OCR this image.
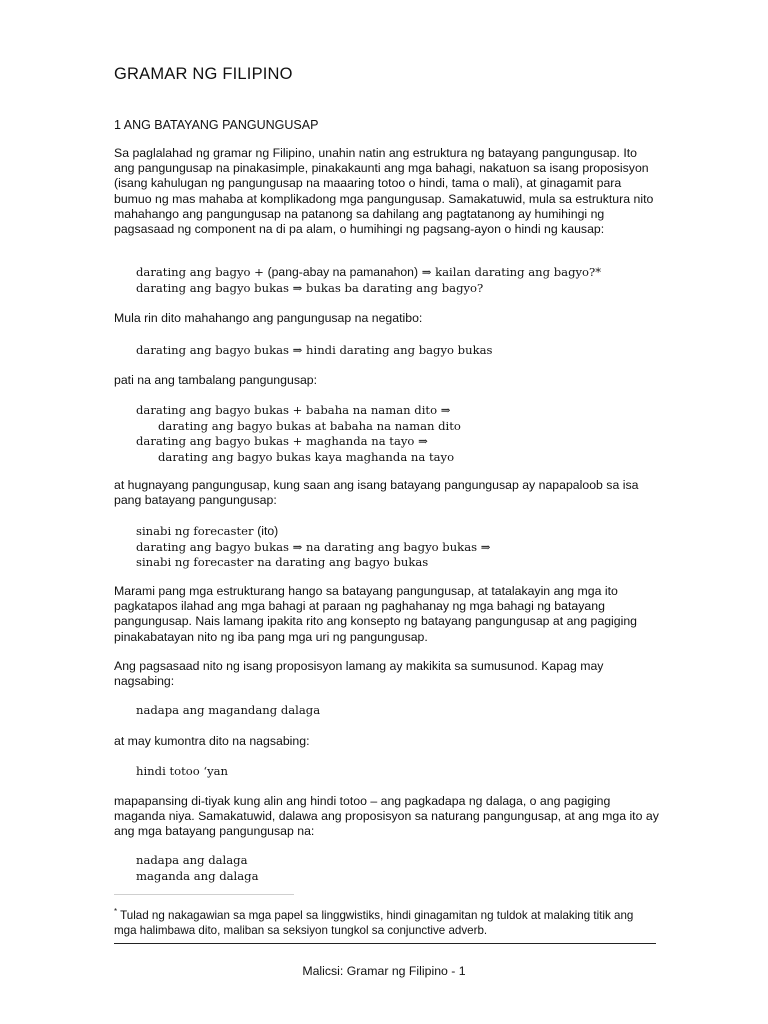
GRAMAR NG FILIPINO
1 ANG BATAYANG PANGUNGUSAP

Sa paglalahad ng gramar ng Filipino, unahin natin ang estruktura ng batayang pangungusap. Ito ang pangungusap na pinakasimple, pinakakaunti ang mga bahagi, nakatuon sa isang proposisyon (isang kahulugan ng pangungusap na maaaring totoo o hindi, tama o mali), at ginagamit para bumuo ng mas mahaba at komplikadong mga pangungusap. Samakatuwid, mula sa estruktura nito mahahango ang pangungusap na patanong sa dahilang ang pagtatanong ay humihingi ng pagsasaad ng component na di pa alam, o humihingi ng pagsang-ayon o hindi ng kausap:

darating ang bagyo + (pang-abay na pamanahon) ⇒ kailan darating ang bagyo?*
darating ang bagyo bukas ⇒ bukas ba darating ang bagyo?

Mula rin dito mahahango ang pangungusap na negatibo:

darating ang bagyo bukas ⇒ hindi darating ang bagyo bukas

pati na ang tambalang pangungusap:

darating ang bagyo bukas + babaha na naman dito ⇒
darating ang bagyo bukas at babaha na naman dito
darating ang bagyo bukas + maghanda na tayo ⇒
darating ang bagyo bukas kaya maghanda na tayo

at hugnayang pangungusap, kung saan ang isang batayang pangungusap ay napapaloob sa isa pang batayang pangungusap:

sinabi ng forecaster (ito)
darating ang bagyo bukas ⇒ na darating ang bagyo bukas ⇒
sinabi ng forecaster na darating ang bagyo bukas

Marami pang mga estrukturang hango sa batayang pangungusap, at tatalakayin ang mga ito pagkatapos ilahad ang mga bahagi at paraan ng paghahanay ng mga bahagi ng batayang pangungusap. Nais lamang ipakita rito ang konsepto ng batayang pangungusap at ang pagiging pinakabatayan nito ng iba pang mga uri ng pangungusap.

Ang pagsasaad nito ng isang proposisyon lamang ay makikita sa sumusunod. Kapag may nagsabing:

nadapa ang magandang dalaga

at may kumontra dito na nagsabing:

hindi totoo ‘yan

mapapansing di-tiyak kung alin ang hindi totoo – ang pagkadapa ng dalaga, o ang pagiging maganda niya. Samakatuwid, dalawa ang proposisyon sa naturang pangungusap, at ang mga ito ay ang mga batayang pangungusap na:

nadapa ang dalaga
maganda ang dalaga
* Tulad ng nakagawian sa mga papel sa linggwistiks, hindi ginagamitan ng tuldok at malaking titik ang mga halimbawa dito, maliban sa seksiyon tungkol sa conjunctive adverb.
Malicsi: Gramar ng Filipino - 1
